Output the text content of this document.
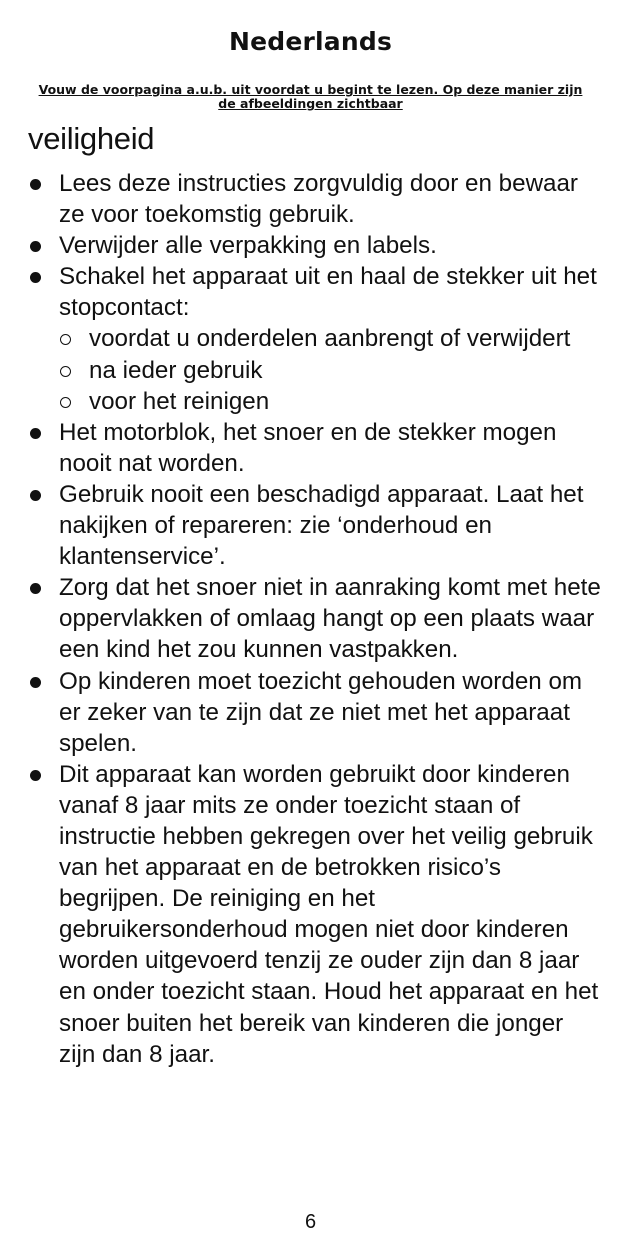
Nederlands
Vouw de voorpagina a.u.b. uit voordat u begint te lezen. Op deze manier zijn de afbeeldingen zichtbaar
veiligheid
Lees deze instructies zorgvuldig door en bewaar ze voor toekomstig gebruik.
Verwijder alle verpakking en labels.
Schakel het apparaat uit en haal de stekker uit het stopcontact:
voordat u onderdelen aanbrengt of verwijdert
na ieder gebruik
voor het reinigen
Het motorblok, het snoer en de stekker mogen nooit nat worden.
Gebruik nooit een beschadigd apparaat. Laat het nakijken of repareren: zie ‘onderhoud en klantenservice’.
Zorg dat het snoer niet in aanraking komt met hete oppervlakken of omlaag hangt op een plaats waar een kind het zou kunnen vastpakken.
Op kinderen moet toezicht gehouden worden om er zeker van te zijn dat ze niet met het apparaat spelen.
Dit apparaat kan worden gebruikt door kinderen vanaf 8 jaar mits ze onder toezicht staan of instructie hebben gekregen over het veilig gebruik van het apparaat en de betrokken risico’s begrijpen. De reiniging en het gebruikersonderhoud mogen niet door kinderen worden uitgevoerd tenzij ze ouder zijn dan 8 jaar en onder toezicht staan. Houd het apparaat en het snoer buiten het bereik van kinderen die jonger zijn dan 8 jaar.
6
